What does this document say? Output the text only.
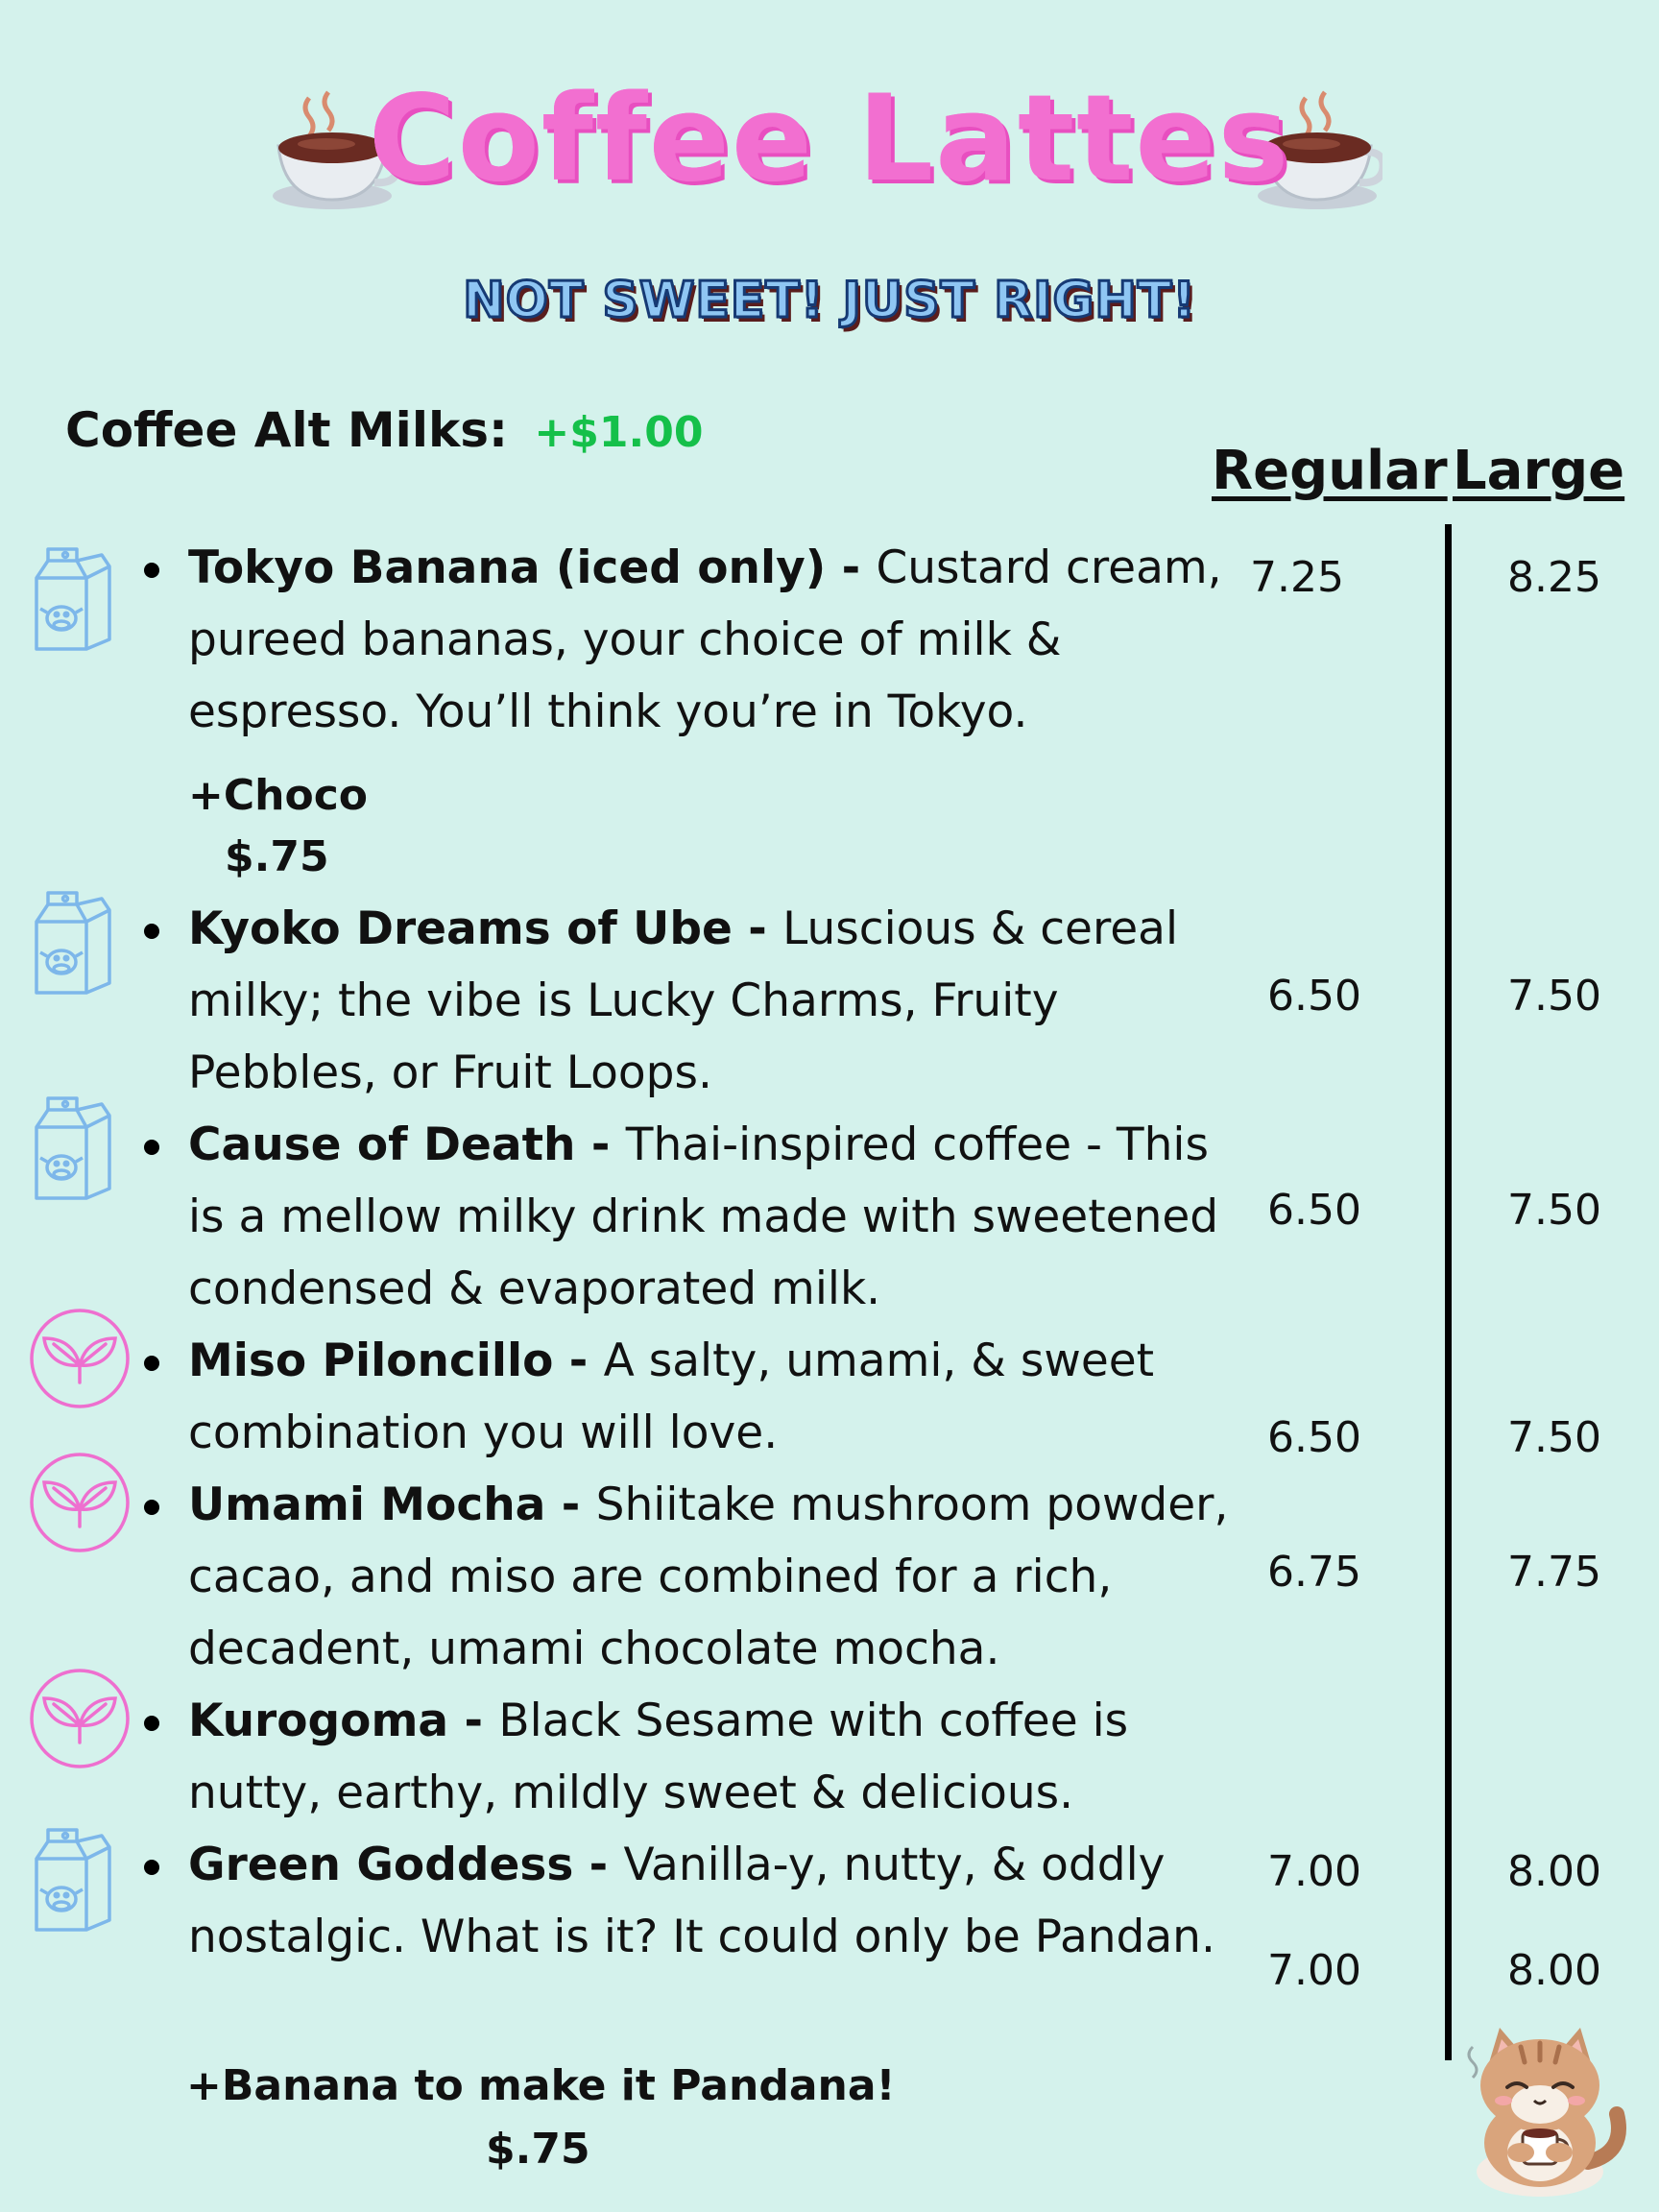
Coffee Lattes
NOT SWEET! JUST RIGHT!
Coffee Alt Milks: +$1.00
Regular Large
Tokyo Banana (iced only) - Custard cream, pureed bananas, your choice of milk & espresso. You’ll think you’re in Tokyo.
7.25	8.25
+Choco
$.75
Kyoko Dreams of Ube - Luscious & cereal milky; the vibe is Lucky Charms, Fruity Pebbles, or Fruit Loops.
6.50	7.50
Cause of Death - Thai-inspired coffee - This is a mellow milky drink made with sweetened condensed & evaporated milk.
6.50	7.50
Miso Piloncillo - A salty, umami, & sweet combination you will love.	6.50	7.50
Umami Mocha - Shiitake mushroom powder, cacao, and miso are combined for a rich, decadent, umami chocolate mocha.
6.75	7.75
Kurogoma - Black Sesame with coffee is nutty, earthy, mildly sweet & delicious.
7.00	8.00
Green Goddess - Vanilla-y, nutty, & oddly nostalgic. What is it? It could only be Pandan.
7.00	8.00
+Banana to make it Pandana!
$.75
